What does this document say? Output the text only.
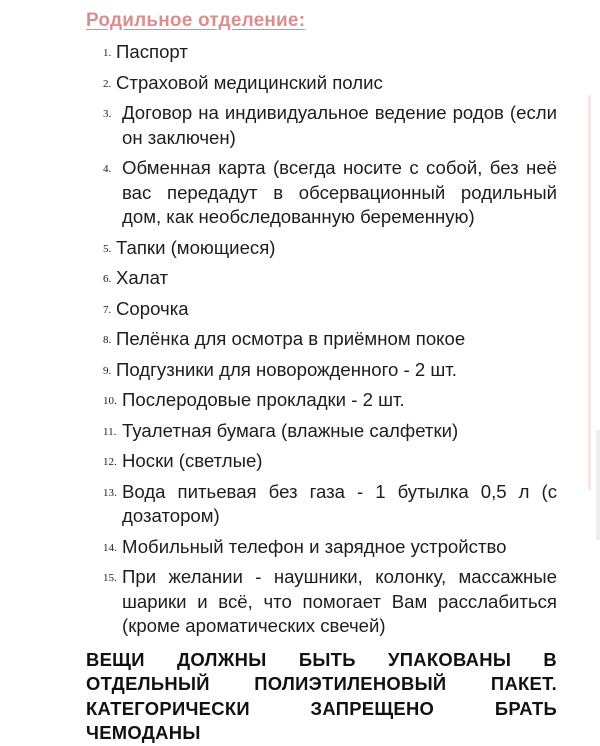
Родильное отделение:
1. Паспорт
2. Страховой медицинский полис
3. Договор на индивидуальное ведение родов (если он заключен)
4. Обменная карта (всегда носите с собой, без неё вас передадут в обсервационный родильный дом, как необследованную беременную)
5. Тапки (моющиеся)
6. Халат
7. Сорочка
8. Пелёнка для осмотра в приёмном покое
9. Подгузники для новорожденного - 2 шт.
10. Послеродовые прокладки - 2 шт.
11. Туалетная бумага (влажные салфетки)
12. Носки (светлые)
13. Вода питьевая без газа - 1 бутылка 0,5 л (с дозатором)
14. Мобильный телефон и зарядное устройство
15. При желании - наушники, колонку, массажные шарики и всё, что помогает Вам расслабиться (кроме ароматических свечей)

ВЕЩИ ДОЛЖНЫ БЫТЬ УПАКОВАНЫ В ОТДЕЛЬНЫЙ ПОЛИЭТИЛЕНОВЫЙ ПАКЕТ. КАТЕГОРИЧЕСКИ ЗАПРЕЩЕНО БРАТЬ ЧЕМОДАНЫ
